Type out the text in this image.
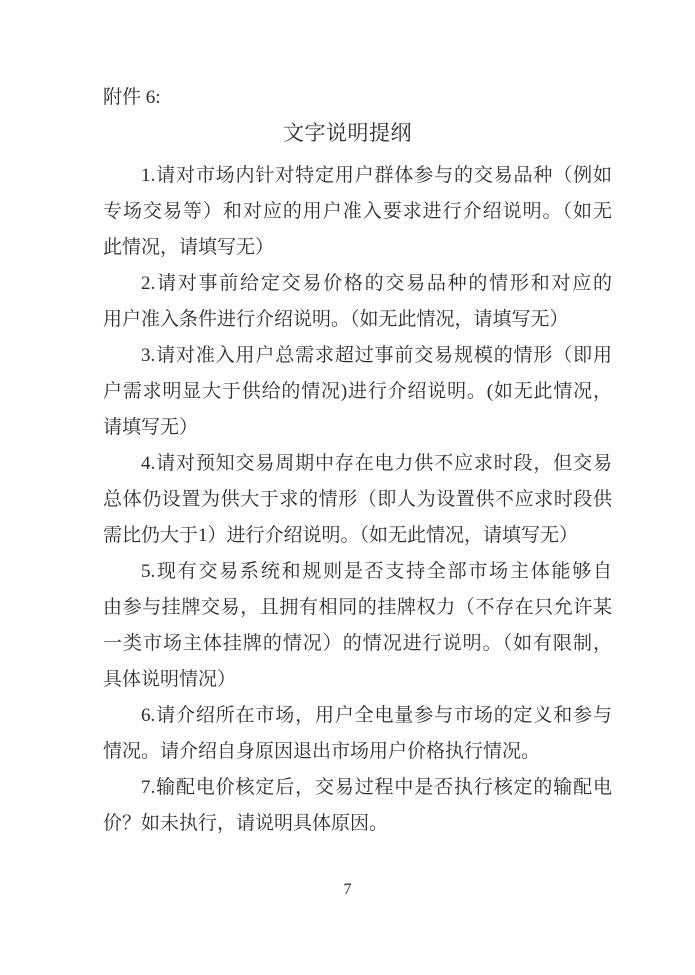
附件 6:
文字说明提纲
1.请对市场内针对特定用户群体参与的交易品种（例如
专场交易等）和对应的用户准入要求进行介绍说明。（如无
此情况，请填写无）
2.请对事前给定交易价格的交易品种的情形和对应的
用户准入条件进行介绍说明。（如无此情况，请填写无）
3.请对准入用户总需求超过事前交易规模的情形（即用
户需求明显大于供给的情况)进行介绍说明。(如无此情况，
请填写无）
4.请对预知交易周期中存在电力供不应求时段，但交易
总体仍设置为供大于求的情形（即人为设置供不应求时段供
需比仍大于1）进行介绍说明。（如无此情况，请填写无）
5.现有交易系统和规则是否支持全部市场主体能够自
由参与挂牌交易，且拥有相同的挂牌权力（不存在只允许某
一类市场主体挂牌的情况）的情况进行说明。（如有限制，
具体说明情况）
6.请介绍所在市场，用户全电量参与市场的定义和参与
情况。请介绍自身原因退出市场用户价格执行情况。
7.输配电价核定后，交易过程中是否执行核定的输配电
价？如未执行，请说明具体原因。
7
